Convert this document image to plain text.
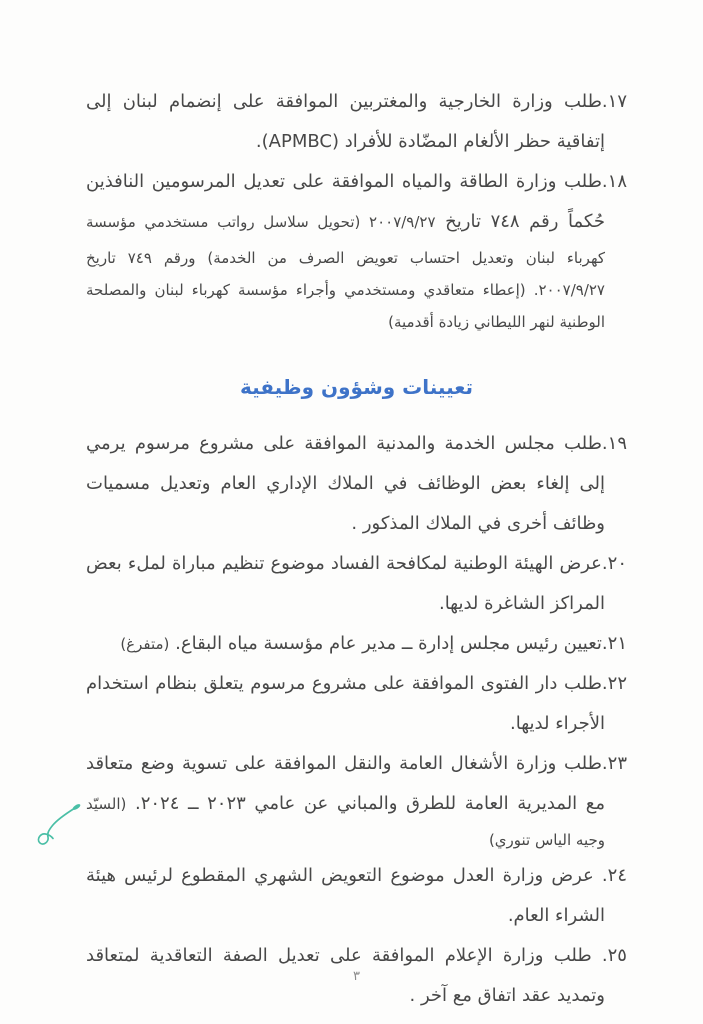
١٧.طلب وزارة الخارجية والمغتربين الموافقة على إنضمام لبنان إلى إتفاقية حظر الألغام المضّادة للأفراد (APMBC).
١٨.طلب وزارة الطاقة والمياه الموافقة على تعديل المرسومين النافذين حُكماً رقم ٧٤٨ تاريخ ٢٠٠٧/٩/٢٧ (تحويل سلاسل رواتب مستخدمي مؤسسة كهرباء لبنان وتعديل احتساب تعويض الصرف من الخدمة) ورقم ٧٤٩ تاريخ ٢٠٠٧/٩/٢٧. (إعطاء متعاقدي ومستخدمي وأجراء مؤسسة كهرباء لبنان والمصلحة الوطنية لنهر الليطاني زيادة أقدمية)
تعيينات وشؤون وظيفية
١٩.طلب مجلس الخدمة والمدنية الموافقة على مشروع مرسوم يرمي إلى إلغاء بعض الوظائف في الملاك الإداري العام وتعديل مسميات وظائف أخرى في الملاك المذكور .
٢٠.عرض الهيئة الوطنية لمكافحة الفساد موضوع تنظيم مباراة لملء بعض المراكز الشاغرة لديها.
٢١.تعيين رئيس مجلس إدارة ــ مدير عام مؤسسة مياه البقاع. (متفرغ)
٢٢.طلب دار الفتوى الموافقة على مشروع مرسوم يتعلق بنظام استخدام الأجراء لديها.
٢٣.طلب وزارة الأشغال العامة والنقل الموافقة على تسوية وضع متعاقد مع المديرية العامة للطرق والمباني عن عامي ٢٠٢٣ ــ ٢٠٢٤. (السيّد وجيه الياس تنوري)
٢٤. عرض وزارة العدل موضوع التعويض الشهري المقطوع لرئيس هيئة الشراء العام.
٢٥. طلب وزارة الإعلام الموافقة على تعديل الصفة التعاقدية لمتعاقد وتمديد عقد اتفاق مع آخر .
٣
